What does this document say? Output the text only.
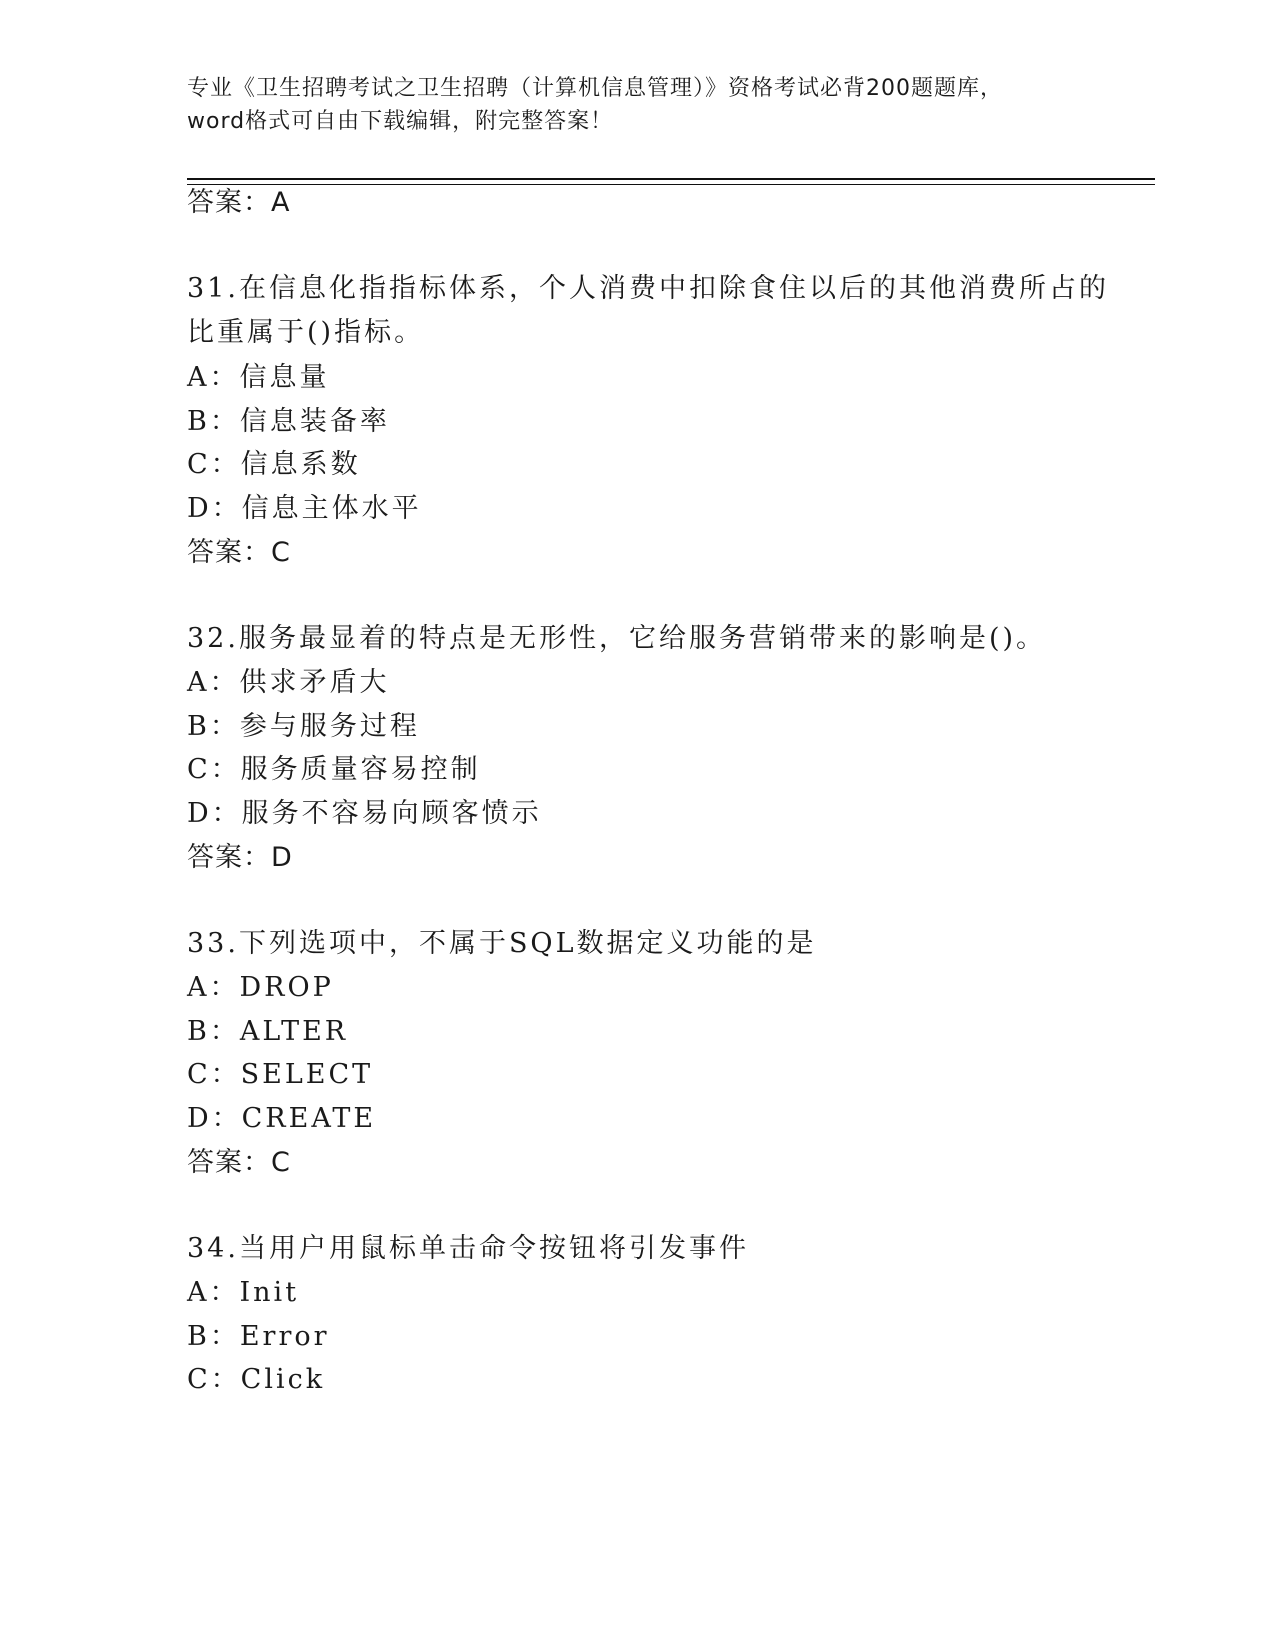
专业《卫生招聘考试之卫生招聘（计算机信息管理）》资格考试必背200题题库，
word格式可自由下载编辑，附完整答案！
答案：A
31.在信息化指指标体系，个人消费中扣除食住以后的其他消费所占的
比重属于()指标。
A：信息量
B：信息装备率
C：信息系数
D：信息主体水平
答案：C
32.服务最显着的特点是无形性，它给服务营销带来的影响是()。
A：供求矛盾大
B：参与服务过程
C：服务质量容易控制
D：服务不容易向顾客愤示
答案：D
33.下列选项中，不属于SQL数据定义功能的是
A：DROP
B：ALTER
C：SELECT
D：CREATE
答案：C
34.当用户用鼠标单击命令按钮将引发事件
A：Init
B：Error
C：Click
